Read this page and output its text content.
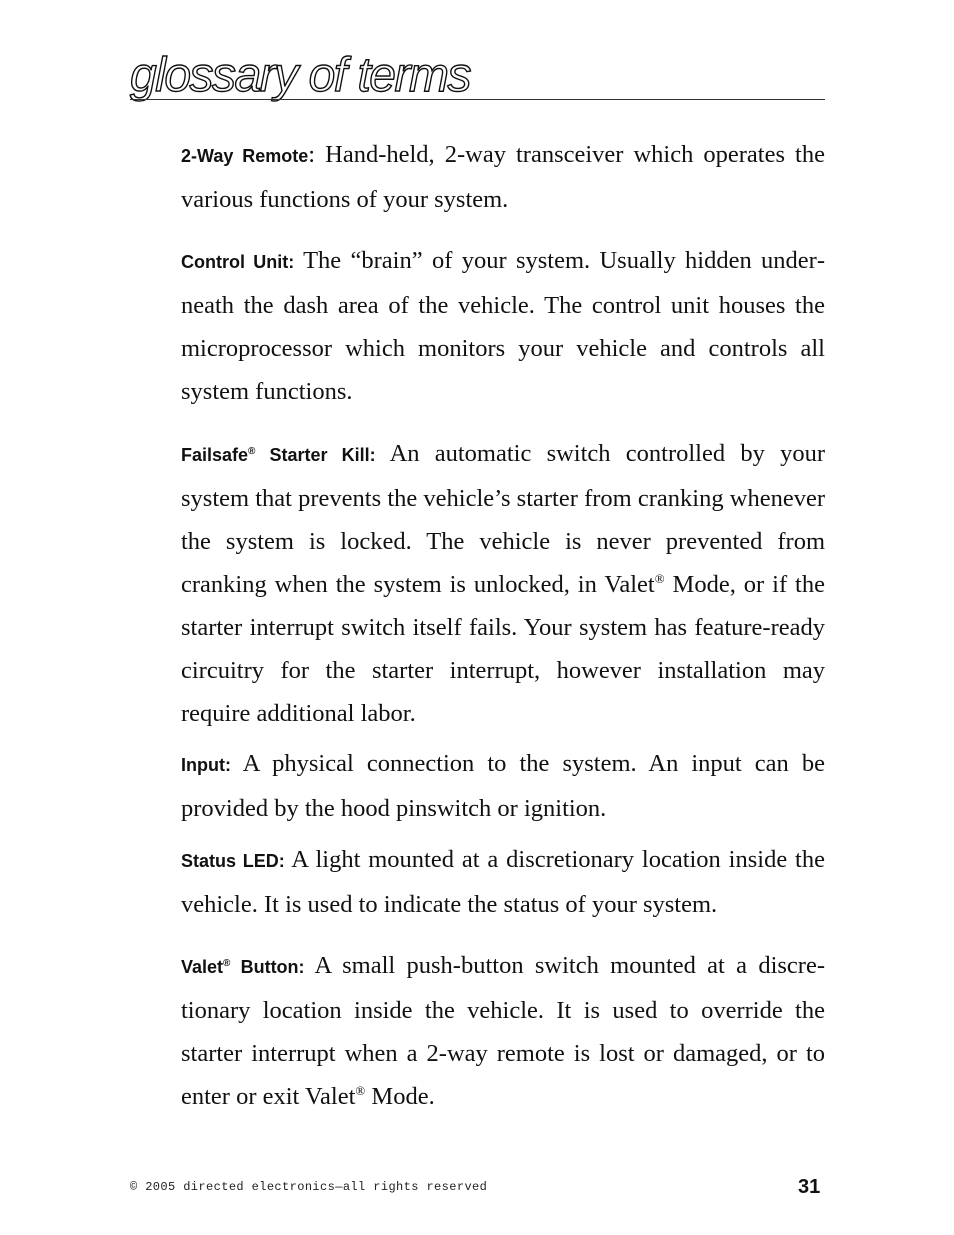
glossary of terms

2-Way Remote: Hand-held, 2-way transceiver which operates the various functions of your system.

Control Unit: The “brain” of your system. Usually hidden underneath the dash area of the vehicle. The control unit houses the microprocessor which monitors your vehicle and controls all system functions.

Failsafe® Starter Kill: An automatic switch controlled by your system that prevents the vehicle’s starter from cranking whenever the system is locked. The vehicle is never prevented from cranking when the system is unlocked, in Valet® Mode, or if the starter interrupt switch itself fails. Your system has feature-ready circuitry for the starter interrupt, however installation may require additional labor.

Input: A physical connection to the system. An input can be provided by the hood pinswitch or ignition.

Status LED: A light mounted at a discretionary location inside the vehicle. It is used to indicate the status of your system.

Valet® Button: A small push-button switch mounted at a discretionary location inside the vehicle. It is used to override the starter interrupt when a 2-way remote is lost or damaged, or to enter or exit Valet® Mode.

© 2005 directed electronics—all rights reserved	31
